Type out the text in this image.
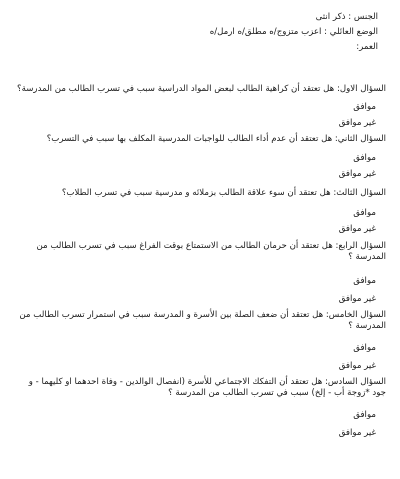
الجنس : ذكر انثى
الوضع العائلي : اعزب متزوج/ه مطلق/ه ارمل/ه
العمر:
السؤال الاول: هل تعتقد أن كراهية الطالب لبعض المواد الدراسية سبب في تسرب الطالب من المدرسة؟
موافق
غير موافق
السؤال الثاني: هل تعتقد أن عدم أداء الطالب للواجبات المدرسية المكلف بها سبب في التسرب؟
موافق
غير موافق
السؤال الثالث: هل تعتقد أن سوء علاقة الطالب بزملائه و مدرسية سبب في تسرب الطلاب؟
موافق
غير موافق
السؤال الرابع: هل تعتقد أن حرمان الطالب من الاستمتاع بوقت الفراغ سبب في تسرب الطالب من المدرسة ؟
موافق
غير موافق
السؤال الخامس: هل تعتقد أن ضعف الصلة بين الأسرة و المدرسة سبب في استمرار تسرب الطالب من المدرسة ؟
موافق
غير موافق
السؤال السادس: هل تعتقد أن التفكك الاجتماعي للأسرة (انفصال الوالدين - وفاة احدهما او كليهما - و جود *زوجة أب - إلخ) سبب في تسرب الطالب من المدرسة ؟
موافق
غير موافق
